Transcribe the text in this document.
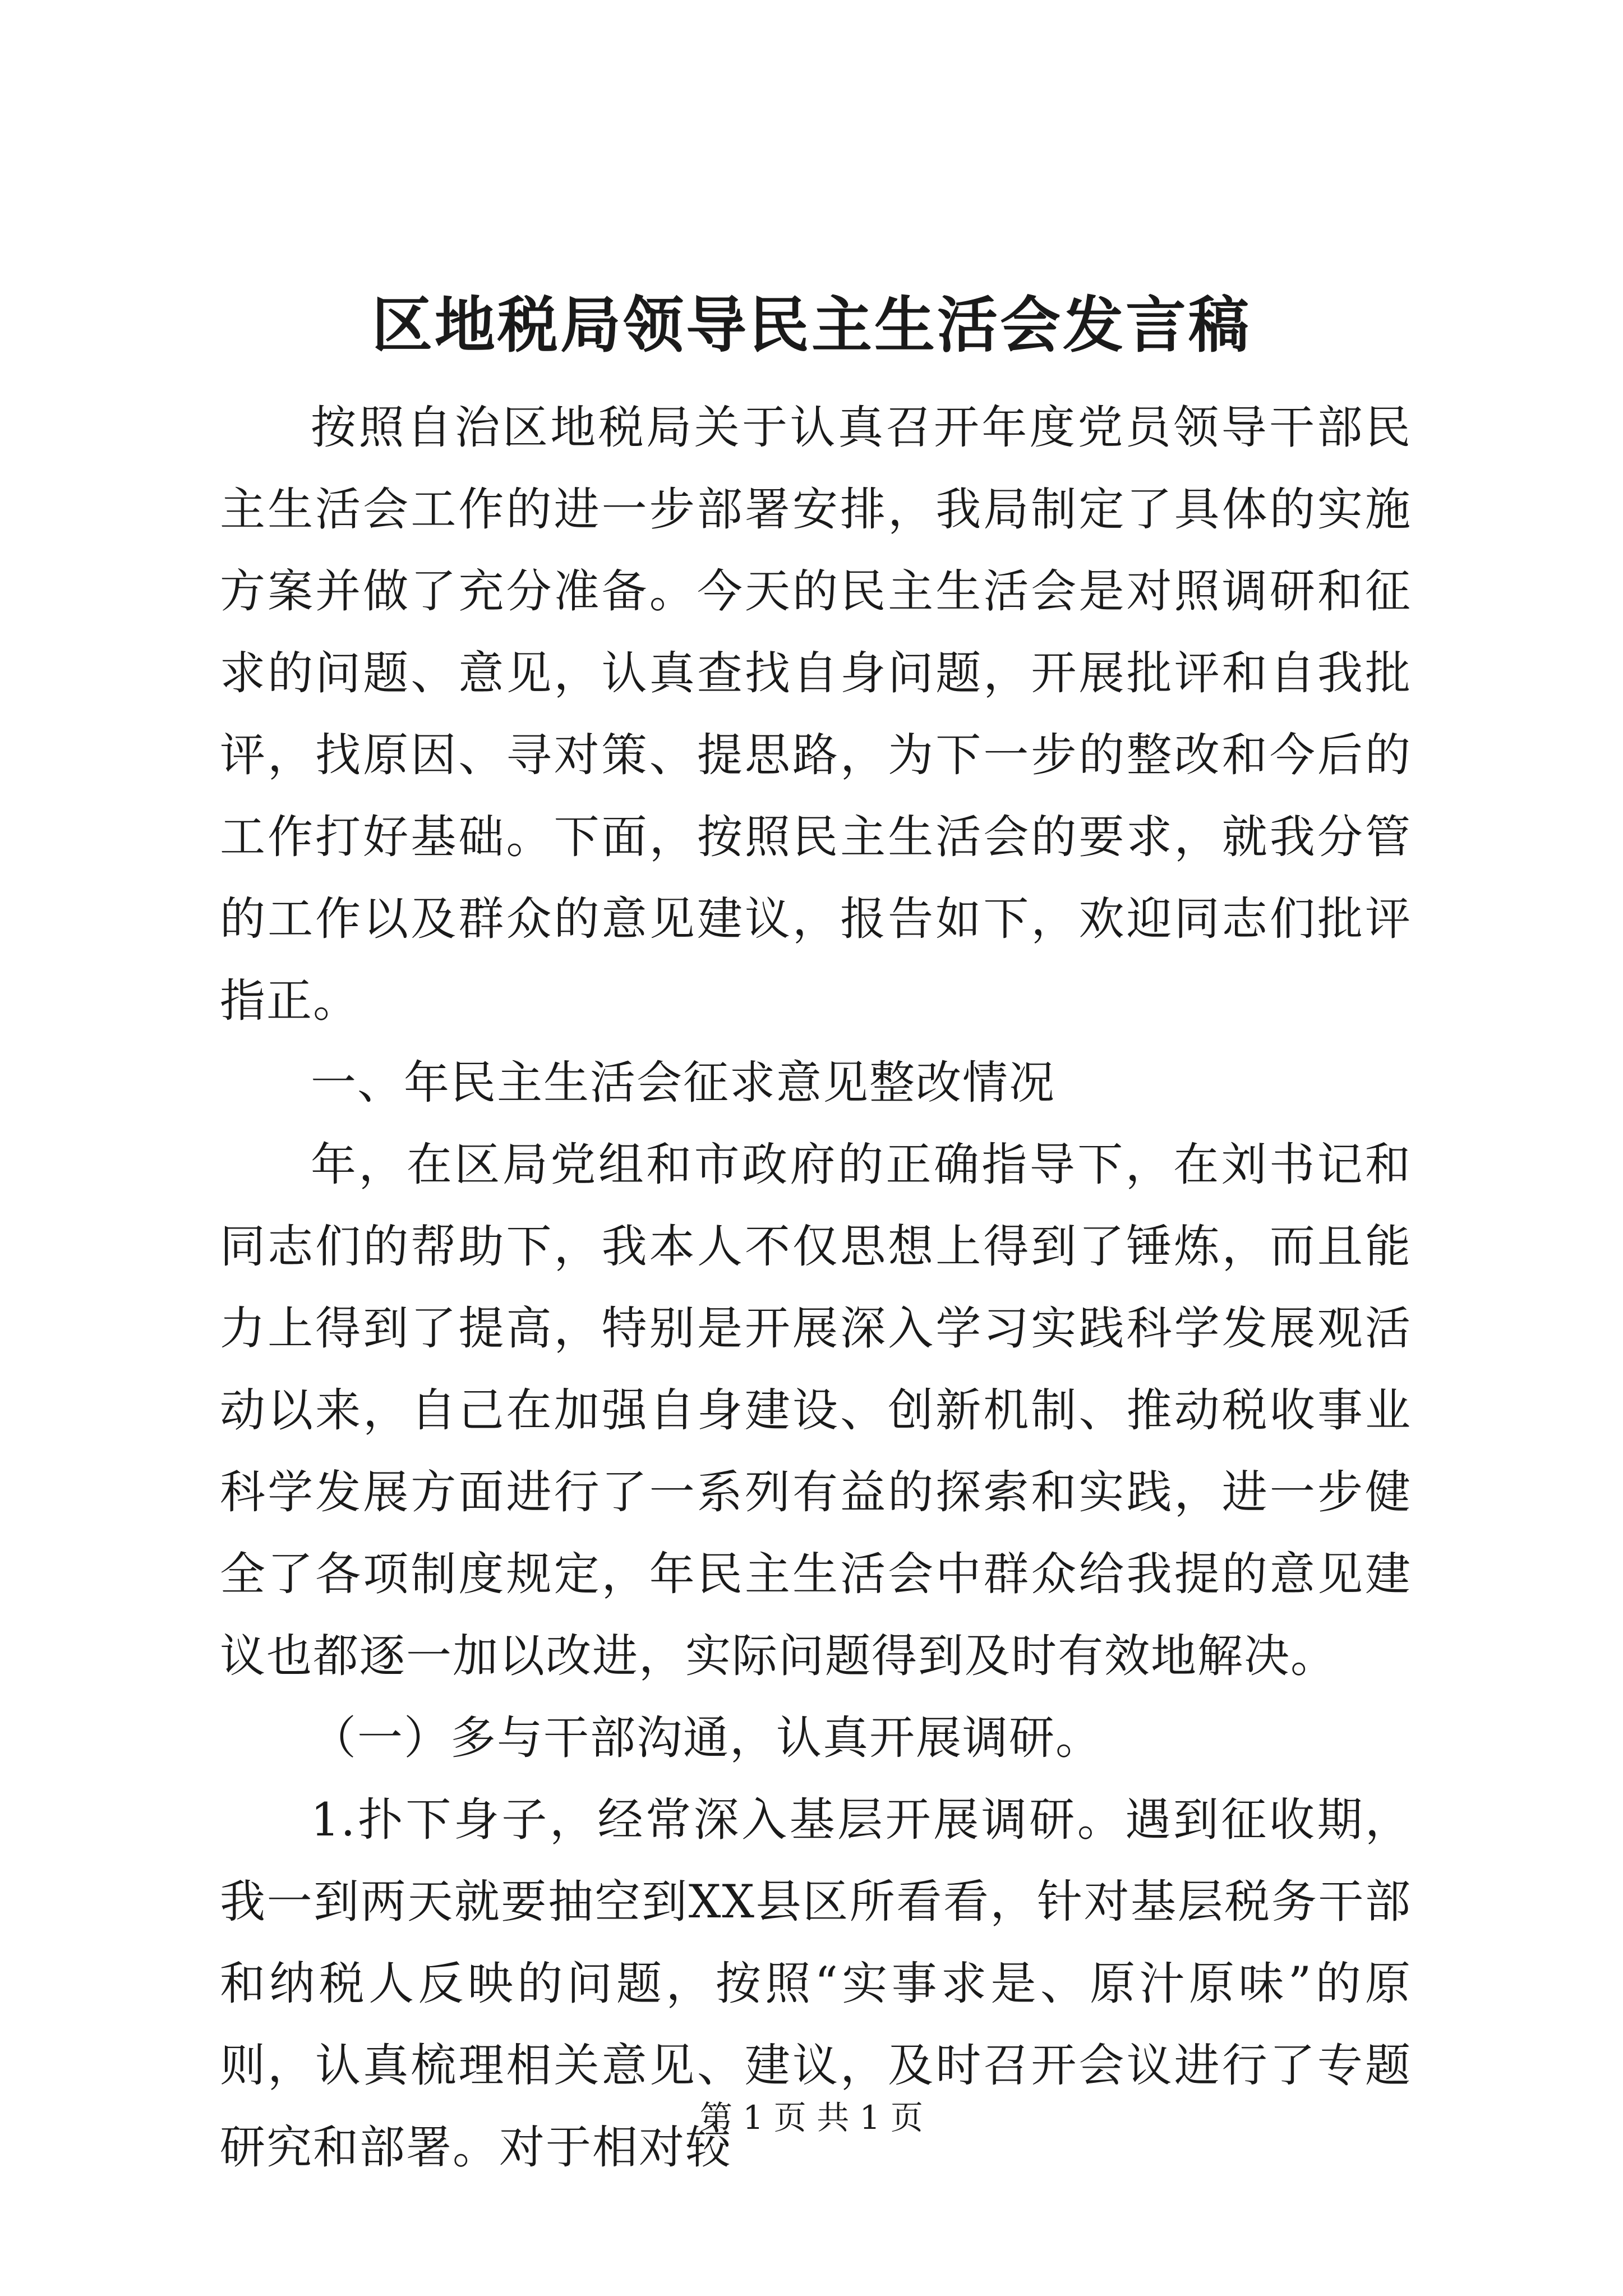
区地税局领导民主生活会发言稿

按照自治区地税局关于认真召开年度党员领导干部民主生活会工作的进一步部署安排，我局制定了具体的实施方案并做了充分准备。今天的民主生活会是对照调研和征求的问题、意见，认真查找自身问题，开展批评和自我批评，找原因、寻对策、提思路，为下一步的整改和今后的工作打好基础。下面，按照民主生活会的要求，就我分管的工作以及群众的意见建议，报告如下，欢迎同志们批评指正。

一、年民主生活会征求意见整改情况

年，在区局党组和市政府的正确指导下，在刘书记和同志们的帮助下，我本人不仅思想上得到了锤炼，而且能力上得到了提高，特别是开展深入学习实践科学发展观活动以来，自己在加强自身建设、创新机制、推动税收事业科学发展方面进行了一系列有益的探索和实践，进一步健全了各项制度规定，年民主生活会中群众给我提的意见建议也都逐一加以改进，实际问题得到及时有效地解决。

（一）多与干部沟通，认真开展调研。

1.扑下身子，经常深入基层开展调研。遇到征收期，我一到两天就要抽空到XX县区所看看，针对基层税务干部和纳税人反映的问题，按照“实事求是、原汁原味”的原则，认真梳理相关意见、建议，及时召开会议进行了专题研究和部署。对于相对较

第 1 页 共 1 页
